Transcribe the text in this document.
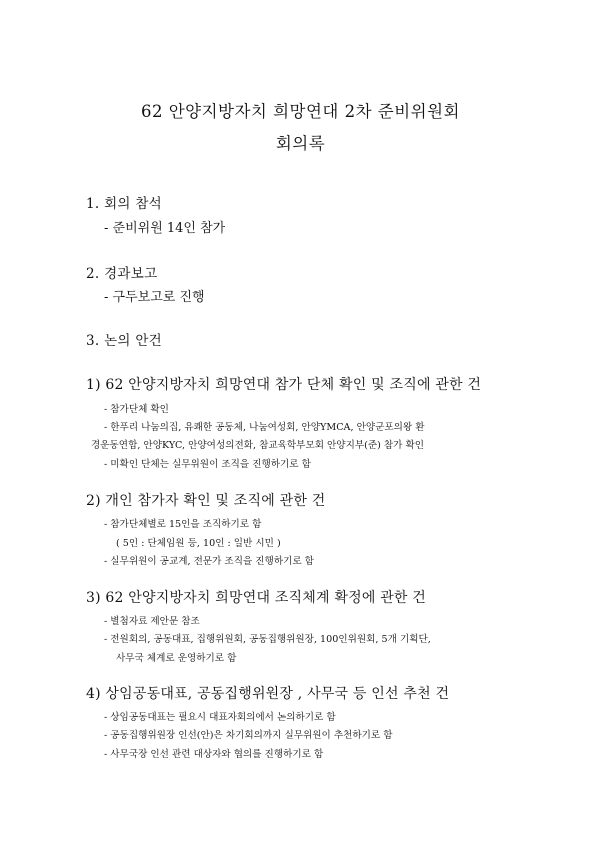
62 안양지방자치 희망연대 2차 준비위원회
회의록
1. 회의 참석
- 준비위원 14인 참가
2. 경과보고
- 구두보고로 진행
3. 논의 안건
1) 62 안양지방자치 희망연대 참가 단체 확인 및 조직에 관한 건
- 참가단체 확인
- 한푸리 나눔의집, 유쾌한 공동체, 나눔여성회, 안양YMCA, 안양군포의왕 환
경운동연합, 안양KYC, 안양여성의전화, 참교육학부모회 안양지부(준) 참가 확인
- 미확인 단체는 실무위원이 조직을 진행하기로 함
2) 개인 참가자 확인 및 조직에 관한 건
- 참가단체별로 15인을 조직하기로 함
( 5인 : 단체임원 등, 10인 : 일반 시민 )
- 실무위원이 공교계, 전문가 조직을 진행하기로 함
3) 62 안양지방자치 희망연대 조직체계 확정에 관한 건
- 별첨자료 제안문 참조
- 전원회의, 공동대표, 집행위원회, 공동집행위원장, 100인위원회, 5개 기획단,
사무국 체계로 운영하기로 함
4) 상임공동대표, 공동집행위원장 , 사무국 등 인선 추천 건
- 상임공동대표는 필요시 대표자회의에서 논의하기로 함
- 공동집행위원장 인선(안)은 차기회의까지 실무위원이 추천하기로 함
- 사무국장 인선 관련 대상자와 협의를 진행하기로 함
